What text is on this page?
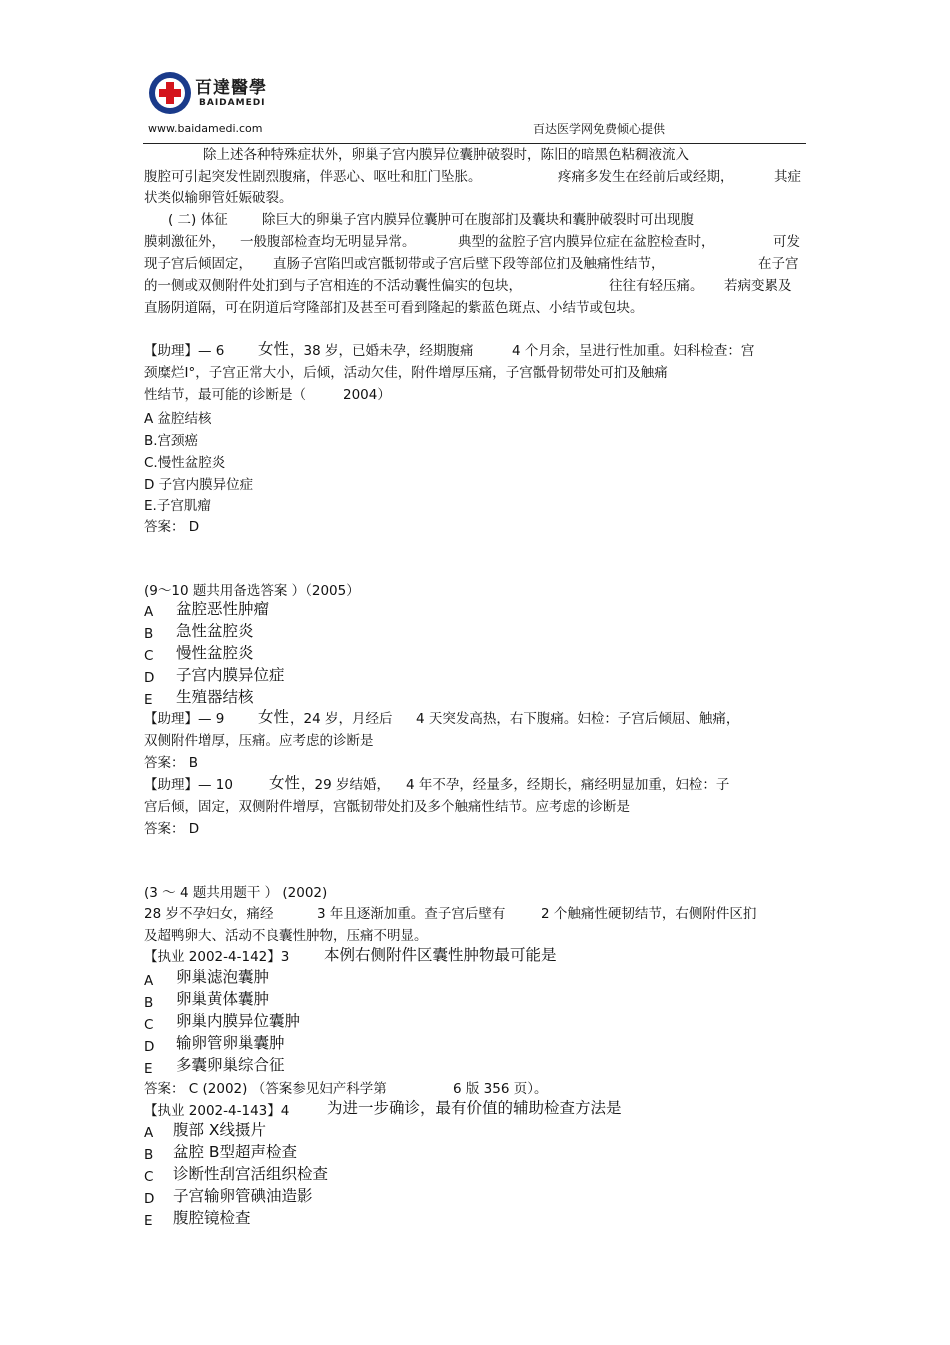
百達醫學
BAIDAMEDI
www.baidamedi.com	百达医学网免费倾心提供
除上述各种特殊症状外，卵巢子宫内膜异位囊肿破裂时，陈旧的暗黑色粘稠液流入
腹腔可引起突发性剧烈腹痛，伴恶心、呕吐和肛门坠胀。	疼痛多发生在经前后或经期，	其症
状类似输卵管妊娠破裂。
( 二) 体征	除巨大的卵巢子宫内膜异位囊肿可在腹部扪及囊块和囊肿破裂时可出现腹
膜刺激征外， 一般腹部检查均无明显异常。	典型的盆腔子宫内膜异位症在盆腔检查时，	可发
现子宫后倾固定， 直肠子宫陷凹或宫骶韧带或子宫后壁下段等部位扪及触痛性结节，	在子宫
的一侧或双侧附件处扪到与子宫相连的不活动囊性偏实的包块，	往往有轻压痛。 若病变累及
直肠阴道隔，可在阴道后穹隆部扪及甚至可看到隆起的紫蓝色斑点、小结节或包块。
【助理】— 6 女性 ，38 岁，已婚未孕，经期腹痛	4 个月余，呈进行性加重。妇科检查：宫
颈糜烂Ⅰ°，子宫正常大小，后倾，活动欠佳，附件增厚压痛，子宫骶骨韧带处可扪及触痛
性结节，最可能的诊断是（	2004）
A 盆腔结核
B.宫颈癌
C.慢性盆腔炎
D 子宫内膜异位症
E.子宫肌瘤
答案： D
(9～10 题共用备选答案 ）（2005）
A 盆腔恶性肿瘤
B 急性盆腔炎
C 慢性盆腔炎
D 子宫内膜异位症
E 生殖器结核
【助理】— 9 女性 ，24 岁，月经后 4 天突发高热，右下腹痛。妇检：子宫后倾屈、触痛，
双侧附件增厚，压痛。应考虑的诊断是
答案： B
【助理】— 10 女性 ，29 岁结婚， 4 年不孕，经量多，经期长，痛经明显加重，妇检：子
宫后倾，固定，双侧附件增厚，宫骶韧带处扪及多个触痛性结节。应考虑的诊断是
答案： D
(3 ～ 4 题共用题干 ） (2002)
28 岁不孕妇女，痛经	3 年且逐渐加重。查子宫后壁有	2 个触痛性硬韧结节，右侧附件区扪
及超鸭卵大、活动不良囊性肿物，压痛不明显。
【执业 2002-4-142】3 本例右侧附件区囊性肿物最可能是
A 卵巢滤泡囊肿
B 卵巢黄体囊肿
C 卵巢内膜异位囊肿
D 输卵管卵巢囊肿
E 多囊卵巢综合征
答案： C (2002) （答案参见妇产科学第	6 版 356 页）。
【执业 2002-4-143】4 为进一步确诊，最有价值的辅助检查方法是
A 腹部 X线摄片
B 盆腔 B型超声检查
C 诊断性刮宫活组织检查
D 子宫输卵管碘油造影
E 腹腔镜检查
